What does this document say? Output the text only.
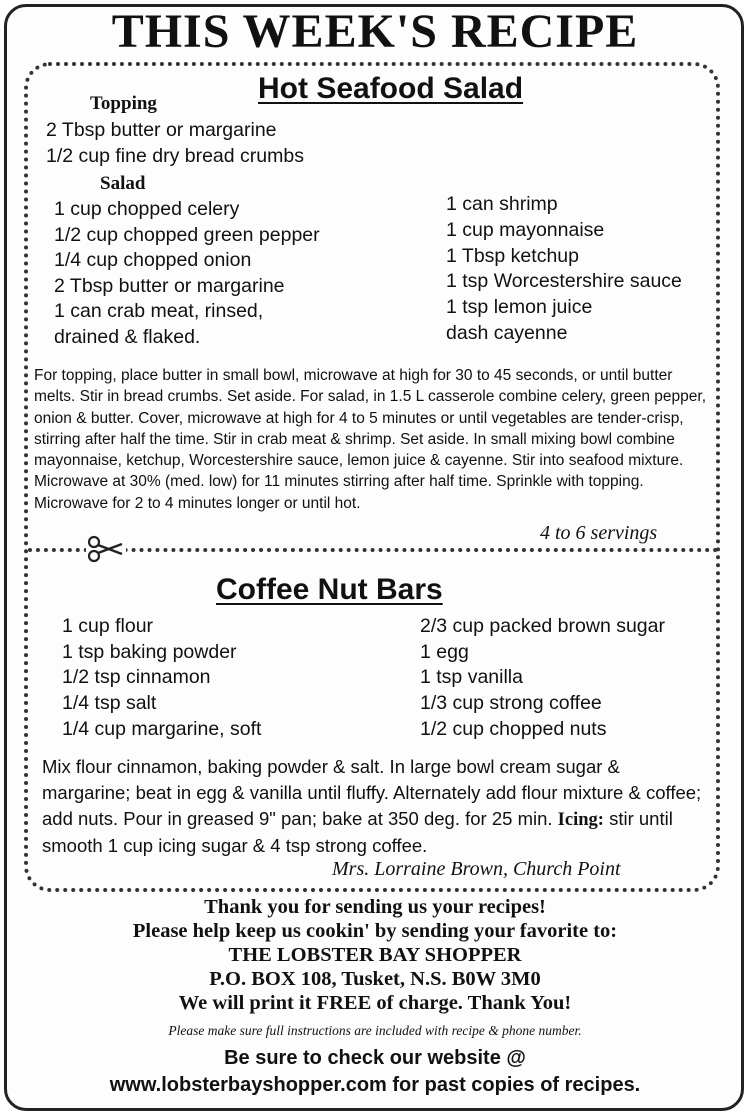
THIS WEEK'S RECIPE
Hot Seafood Salad
Topping
2 Tbsp butter or margarine
1/2 cup fine dry bread crumbs
Salad
1 cup chopped celery
1/2 cup chopped green pepper
1/4 cup chopped onion
2 Tbsp butter or margarine
1 can crab meat, rinsed,
drained & flaked.
1 can shrimp
1 cup mayonnaise
1 Tbsp ketchup
1 tsp Worcestershire sauce
1 tsp lemon juice
dash cayenne
For topping, place butter in small bowl, microwave at high for 30 to 45 seconds, or until butter melts. Stir in bread crumbs. Set aside. For salad, in 1.5 L casserole combine celery, green pepper, onion & butter. Cover, microwave at high for 4 to 5 minutes or until vegetables are tender-crisp, stirring after half the time. Stir in crab meat & shrimp. Set aside. In small mixing bowl combine mayonnaise, ketchup, Worcestershire sauce, lemon juice & cayenne. Stir into seafood mixture. Microwave at 30% (med. low) for 11 minutes stirring after half time. Sprinkle with topping. Microwave for 2 to 4 minutes longer or until hot.
4 to 6 servings
Coffee Nut Bars
1 cup flour
1 tsp baking powder
1/2 tsp cinnamon
1/4 tsp salt
1/4 cup margarine, soft
2/3 cup packed brown sugar
1 egg
1 tsp vanilla
1/3 cup strong coffee
1/2 cup chopped nuts
Mix flour cinnamon, baking powder & salt. In large bowl cream sugar & margarine; beat in egg & vanilla until fluffy. Alternately add flour mixture & coffee; add nuts. Pour in greased 9" pan; bake at 350 deg. for 25 min. Icing: stir until smooth 1 cup icing sugar & 4 tsp strong coffee.
Mrs. Lorraine Brown, Church Point
Thank you for sending us your recipes!
Please help keep us cookin' by sending your favorite to:
THE LOBSTER BAY SHOPPER
P.O. BOX 108, Tusket, N.S. B0W 3M0
We will print it FREE of charge. Thank You!
Please make sure full instructions are included with recipe & phone number.
Be sure to check our website @
www.lobsterbayshopper.com for past copies of recipes.
